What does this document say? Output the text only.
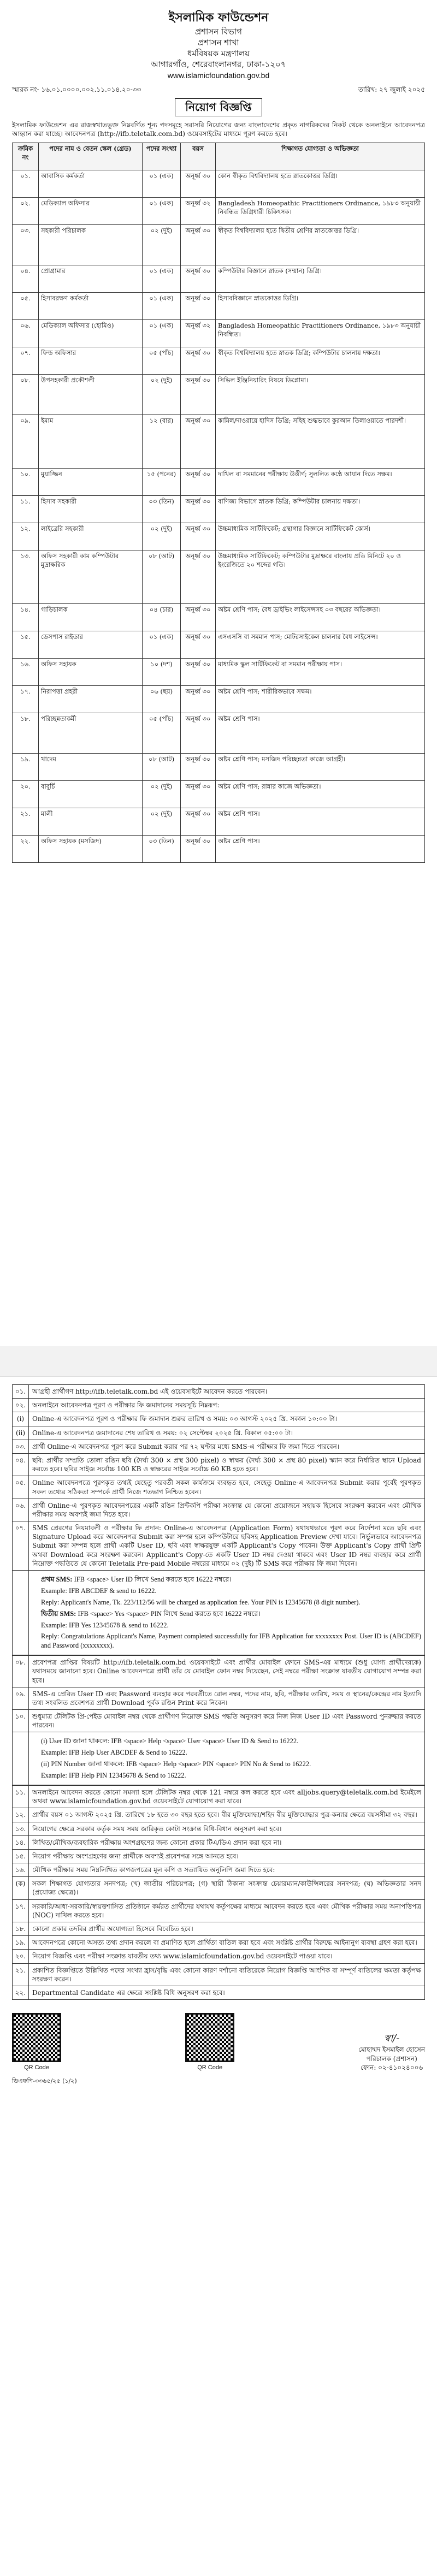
ইসলামিক ফাউন্ডেশন
প্রশাসন বিভাগ
প্রশাসন শাখা
ধর্মবিষয়ক মন্ত্রণালয়
আগারগাঁও, শেরেবাংলানগর, ঢাকা-১২০৭
www.islamicfoundation.gov.bd
স্মারক নং- ১৬.০১.০০০০.০০২.১১.০১৪.২০-৩৩	তারিখ: ২৭ জুলাই ২০২৫
নিয়োগ বিজ্ঞপ্তি

ইসলামিক ফাউন্ডেশন এর রাজস্বখাতভুক্ত নিম্নবর্ণিত শূন্য পদসমূহে সরাসরি নিয়োগের জন্য বাংলাদেশের প্রকৃত নাগরিকদের নিকট থেকে অনলাইনে আবেদনপত্র আহ্বান করা যাচ্ছে। আবেদনপত্র (http://ifb.teletalk.com.bd) ওয়েবসাইটের মাধ্যমে পূরণ করতে হবে।

ক্রমিক নং	পদের নাম ও বেতন স্কেল (গ্রেড)	পদের সংখ্যা	বয়স	শিক্ষাগত যোগ্যতা ও অভিজ্ঞতা
০১.	আবাসিক কর্মকর্তা	০১ (এক)	অনূর্ধ্ব ৩০	কোন স্বীকৃত বিশ্ববিদ্যালয় হতে স্নাতকোত্তর ডিগ্রি।
০২.	মেডিক্যাল অফিসার	০১ (এক)	অনূর্ধ্ব ৩২	Bangladesh Homeopathic Practitioners Ordinance, ১৯৮৩ অনুযায়ী নিবন্ধিত ডিগ্রিধারী চিকিৎসক।
০৩.	সহকারী পরিচালক	০২ (দুই)	অনূর্ধ্ব ৩০	স্বীকৃত বিশ্ববিদ্যালয় হতে দ্বিতীয় শ্রেণির স্নাতকোত্তর ডিগ্রি।
০৪.	প্রোগ্রামার	০১ (এক)	অনূর্ধ্ব ৩০	কম্পিউটার বিজ্ঞানে স্নাতক (সম্মান) ডিগ্রি।
০৫.	হিসাবরক্ষণ কর্মকর্তা	০১ (এক)	অনূর্ধ্ব ৩০	হিসাববিজ্ঞানে স্নাতকোত্তর ডিগ্রি।
০৬.	মেডিক্যাল অফিসার (হোমিও)	০১ (এক)	অনূর্ধ্ব ৩২	Bangladesh Homeopathic Practitioners Ordinance, ১৯৮৩ অনুযায়ী নিবন্ধিত।
০৭.	ফিল্ড অফিসার	০৫ (পাঁচ)	অনূর্ধ্ব ৩০	স্বীকৃত বিশ্ববিদ্যালয় হতে স্নাতক ডিগ্রি; কম্পিউটার চালনায় দক্ষতা।
০৮.	উপসহকারী প্রকৌশলী	০২ (দুই)	অনূর্ধ্ব ৩০	সিভিল ইঞ্জিনিয়ারিং বিষয়ে ডিপ্লোমা।
০৯.	ইমাম	১২ (বার)	অনূর্ধ্ব ৩০	কামিল/দাওরায়ে হাদিস ডিগ্রি; সহিহ শুদ্ধভাবে কুরআন তিলাওয়াতে পারদর্শী।
১০.	মুয়াজ্জিন	১৫ (পনের)	অনূর্ধ্ব ৩০	দাখিল বা সমমানের পরীক্ষায় উত্তীর্ণ; সুললিত কণ্ঠে আযান দিতে সক্ষম।
১১.	হিসাব সহকারী	০৩ (তিন)	অনূর্ধ্ব ৩০	বাণিজ্য বিভাগে স্নাতক ডিগ্রি; কম্পিউটার চালনায় দক্ষতা।
১২.	লাইব্রেরি সহকারী	০২ (দুই)	অনূর্ধ্ব ৩০	উচ্চমাধ্যমিক সার্টিফিকেট; গ্রন্থাগার বিজ্ঞানে সার্টিফিকেট কোর্স।
১৩.	অফিস সহকারী কাম কম্পিউটার মুদ্রাক্ষরিক	০৮ (আট)	অনূর্ধ্ব ৩০	উচ্চমাধ্যমিক সার্টিফিকেট; কম্পিউটার মুদ্রাক্ষরে বাংলায় প্রতি মিনিটে ২০ ও ইংরেজিতে ২০ শব্দের গতি।
১৪.	গাড়িচালক	০৪ (চার)	অনূর্ধ্ব ৩০	অষ্টম শ্রেণি পাস; বৈধ ড্রাইভিং লাইসেন্সসহ ০৩ বছরের অভিজ্ঞতা।
১৫.	ডেসপাস রাইডার	০১ (এক)	অনূর্ধ্ব ৩০	এসএসসি বা সমমান পাস; মোটরসাইকেল চালনার বৈধ লাইসেন্স।
১৬.	অফিস সহায়ক	১০ (দশ)	অনূর্ধ্ব ৩০	মাধ্যমিক স্কুল সার্টিফিকেট বা সমমান পরীক্ষায় পাস।
১৭.	নিরাপত্তা প্রহরী	০৬ (ছয়)	অনূর্ধ্ব ৩০	অষ্টম শ্রেণি পাস; শারীরিকভাবে সক্ষম।
১৮.	পরিচ্ছন্নতাকর্মী	০৫ (পাঁচ)	অনূর্ধ্ব ৩০	অষ্টম শ্রেণি পাস।
১৯.	খাদেম	০৮ (আট)	অনূর্ধ্ব ৩০	অষ্টম শ্রেণি পাস; মসজিদ পরিচ্ছন্নতা কাজে আগ্রহী।
২০.	বাবুর্চি	০২ (দুই)	অনূর্ধ্ব ৩০	অষ্টম শ্রেণি পাস; রান্নার কাজে অভিজ্ঞতা।
২১.	মালী	০২ (দুই)	অনূর্ধ্ব ৩০	অষ্টম শ্রেণি পাস।
২২.	অফিস সহায়ক (মসজিদ)	০৩ (তিন)	অনূর্ধ্ব ৩০	অষ্টম শ্রেণি পাস।
০১. আগ্রহী প্রার্থীগণ http://ifb.teletalk.com.bd এই ওয়েবসাইটে আবেদন করতে পারবেন।
০২. অনলাইনে আবেদনপত্র পূরণ ও পরীক্ষার ফি জমাদানের সময়সূচি নিম্নরূপ:
(i)	Online-এ আবেদনপত্র পূরণ ও পরীক্ষার ফি জমাদান শুরুর তারিখ ও সময়: ০৩ আগস্ট ২০২৫ খ্রি. সকাল ১০:০০ টা।
(ii)	Online-এ আবেদনপত্র জমাদানের শেষ তারিখ ও সময়: ০২ সেপ্টেম্বর ২০২৫ খ্রি. বিকাল ০৫:০০ টা।
০৩. প্রার্থী Online-এ আবেদনপত্র পূরণ করে Submit করার পর ৭২ ঘণ্টার মধ্যে SMS-এ পরীক্ষার ফি জমা দিতে পারবেন।
০৪. ছবি: প্রার্থীর সম্প্রতি তোলা রঙিন ছবি (দৈর্ঘ্য 300 × প্রস্থ 300 pixel) ও স্বাক্ষর (দৈর্ঘ্য 300 × প্রস্থ 80 pixel) স্ক্যান করে নির্ধারিত স্থানে Upload করতে হবে। ছবির সাইজ সর্বোচ্চ 100 KB ও স্বাক্ষরের সাইজ সর্বোচ্চ 60 KB হতে হবে।
০৫. Online আবেদনপত্রে পূরণকৃত তথ্যই যেহেতু পরবর্তী সকল কার্যক্রমে ব্যবহৃত হবে, সেহেতু Online-এ আবেদনপত্র Submit করার পূর্বেই পূরণকৃত সকল তথ্যের সঠিকতা সম্পর্কে প্রার্থী নিজে শতভাগ নিশ্চিত হবেন।
০৬. প্রার্থী Online-এ পূরণকৃত আবেদনপত্রের একটি রঙিন প্রিন্টকপি পরীক্ষা সংক্রান্ত যে কোনো প্রয়োজনে সহায়ক হিসেবে সংরক্ষণ করবেন এবং মৌখিক পরীক্ষার সময় অবশ্যই জমা দিতে হবে।
০৭. SMS প্রেরণের নিয়মাবলী ও পরীক্ষার ফি প্রদান: Online-এ আবেদনপত্র (Application Form) যথাযথভাবে পূরণ করে নির্দেশনা মতে ছবি এবং Signature Upload করে আবেদনপত্র Submit করা সম্পন্ন হলে কম্পিউটারে ছবিসহ Application Preview দেখা যাবে। নির্ভুলভাবে আবেদনপত্র Submit করা সম্পন্ন হলে প্রার্থী একটি User ID, ছবি এবং স্বাক্ষরযুক্ত একটি Applicant's Copy পাবেন। উক্ত Applicant's Copy প্রার্থী প্রিন্ট অথবা Download করে সংরক্ষণ করবেন। Applicant's Copy-তে একটি User ID নম্বর দেওয়া থাকবে এবং User ID নম্বর ব্যবহার করে প্রার্থী নিম্নোক্ত পদ্ধতিতে যে কোনো Teletalk Pre-paid Mobile নম্বরের মাধ্যমে ০২ (দুই) টি SMS করে পরীক্ষার ফি জমা দিবেন।
প্রথম SMS: IFB <space> User ID লিখে Send করতে হবে 16222 নম্বরে।
Example: IFB ABCDEF & send to 16222.
Reply: Applicant's Name, Tk. 223/112/56 will be charged as application fee. Your PIN is 12345678 (8 digit number).
দ্বিতীয় SMS: IFB <space> Yes <space> PIN লিখে Send করতে হবে 16222 নম্বরে।
Example: IFB Yes 12345678 & send to 16222.
Reply: Congratulations Applicant's Name, Payment completed successfully for IFB Application for xxxxxxxx Post. User ID is (ABCDEF) and Password (xxxxxxxx).
০৮. প্রবেশপত্র প্রাপ্তির বিষয়টি http://ifb.teletalk.com.bd ওয়েবসাইটে এবং প্রার্থীর মোবাইল ফোনে SMS-এর মাধ্যমে (শুধু যোগ্য প্রার্থীদেরকে) যথাসময়ে জানানো হবে। Online আবেদনপত্রে প্রার্থী তাঁর যে মোবাইল ফোন নম্বর দিয়েছেন, সেই নম্বরে পরীক্ষা সংক্রান্ত যাবতীয় যোগাযোগ সম্পন্ন করা হবে।
০৯. SMS-এ প্রেরিত User ID এবং Password ব্যবহার করে পরবর্তীতে রোল নম্বর, পদের নাম, ছবি, পরীক্ষার তারিখ, সময় ও স্থানের/কেন্দ্রের নাম ইত্যাদি তথ্য সংবলিত প্রবেশপত্র প্রার্থী Download পূর্বক রঙিন Print করে নিবেন।
১০. শুধুমাত্র টেলিটক প্রি-পেইড মোবাইল নম্বর থেকে প্রার্থীগণ নিম্নোক্ত SMS পদ্ধতি অনুসরণ করে নিজ নিজ User ID এবং Password পুনরুদ্ধার করতে পারবেন।
(i) User ID জানা থাকলে: IFB <space> Help <space> User <space> User ID & Send to 16222.
Example: IFB Help User ABCDEF & Send to 16222.
(ii) PIN Number জানা থাকলে: IFB <space> Help <space> PIN <space> PIN No & Send to 16222.
Example: IFB Help PIN 12345678 & Send to 16222.
১১. অনলাইনে আবেদন করতে কোনো সমস্যা হলে টেলিটক নম্বর থেকে 121 নম্বরে কল করতে হবে এবং alljobs.query@teletalk.com.bd ইমেইলে অথবা www.islamicfoundation.gov.bd ওয়েবসাইটে যোগাযোগ করা যাবে।
১২. প্রার্থীর বয়স ০১ আগস্ট ২০২৫ খ্রি. তারিখে ১৮ হতে ৩০ বছর হতে হবে। বীর মুক্তিযোদ্ধা/শহিদ বীর মুক্তিযোদ্ধার পুত্র-কন্যার ক্ষেত্রে বয়সসীমা ৩২ বছর।
১৩. নিয়োগের ক্ষেত্রে সরকার কর্তৃক সময় সময় জারিকৃত কোটা সংক্রান্ত বিধি-বিধান অনুসরণ করা হবে।
১৪. লিখিত/মৌখিক/ব্যবহারিক পরীক্ষায় অংশগ্রহণের জন্য কোনো প্রকার টিএ/ডিএ প্রদান করা হবে না।
১৫. নিয়োগ পরীক্ষায় অংশগ্রহণের জন্য প্রার্থীকে অবশ্যই প্রবেশপত্র সঙ্গে আনতে হবে।
১৬. মৌখিক পরীক্ষার সময় নিম্নলিখিত কাগজপত্রের মূল কপি ও সত্যায়িত অনুলিপি জমা দিতে হবে:
(ক)	সকল শিক্ষাগত যোগ্যতার সনদপত্র; (খ) জাতীয় পরিচয়পত্র; (গ) স্থায়ী ঠিকানা সংক্রান্ত চেয়ারম্যান/কাউন্সিলরের সনদপত্র; (ঘ) অভিজ্ঞতার সনদ (প্রযোজ্য ক্ষেত্রে)।
১৭. সরকারি/আধা-সরকারি/স্বায়ত্তশাসিত প্রতিষ্ঠানে কর্মরত প্রার্থীদের যথাযথ কর্তৃপক্ষের মাধ্যমে আবেদন করতে হবে এবং মৌখিক পরীক্ষার সময় অনাপত্তিপত্র (NOC) দাখিল করতে হবে।
১৮. কোনো প্রকার তদবির প্রার্থীর অযোগ্যতা হিসেবে বিবেচিত হবে।
১৯. আবেদনপত্রে কোনো অসত্য তথ্য প্রদান করলে বা প্রমাণিত হলে প্রার্থিতা বাতিল করা হবে এবং সংশ্লিষ্ট প্রার্থীর বিরুদ্ধে আইনানুগ ব্যবস্থা গ্রহণ করা হবে।
২০. নিয়োগ বিজ্ঞপ্তি এবং পরীক্ষা সংক্রান্ত যাবতীয় তথ্য www.islamicfoundation.gov.bd ওয়েবসাইটে পাওয়া যাবে।
২১. প্রকাশিত বিজ্ঞপ্তিতে উল্লিখিত পদের সংখ্যা হ্রাস/বৃদ্ধি এবং কোনো কারণ দর্শানো ব্যতিরেকে নিয়োগ বিজ্ঞপ্তি আংশিক বা সম্পূর্ণ বাতিলের ক্ষমতা কর্তৃপক্ষ সংরক্ষণ করেন।
২২. Departmental Candidate এর ক্ষেত্রে সংশ্লিষ্ট বিধি অনুসরণ করা হবে।
QR Code	QR Code
স্বা/-
মোহাম্মদ ইসমাইল হোসেন
পরিচালক (প্রশাসন)
ফোন: ০২-৪১০২৪০০৬
ডিএফপি-৩৩৬৫/২৫ (১/২)
